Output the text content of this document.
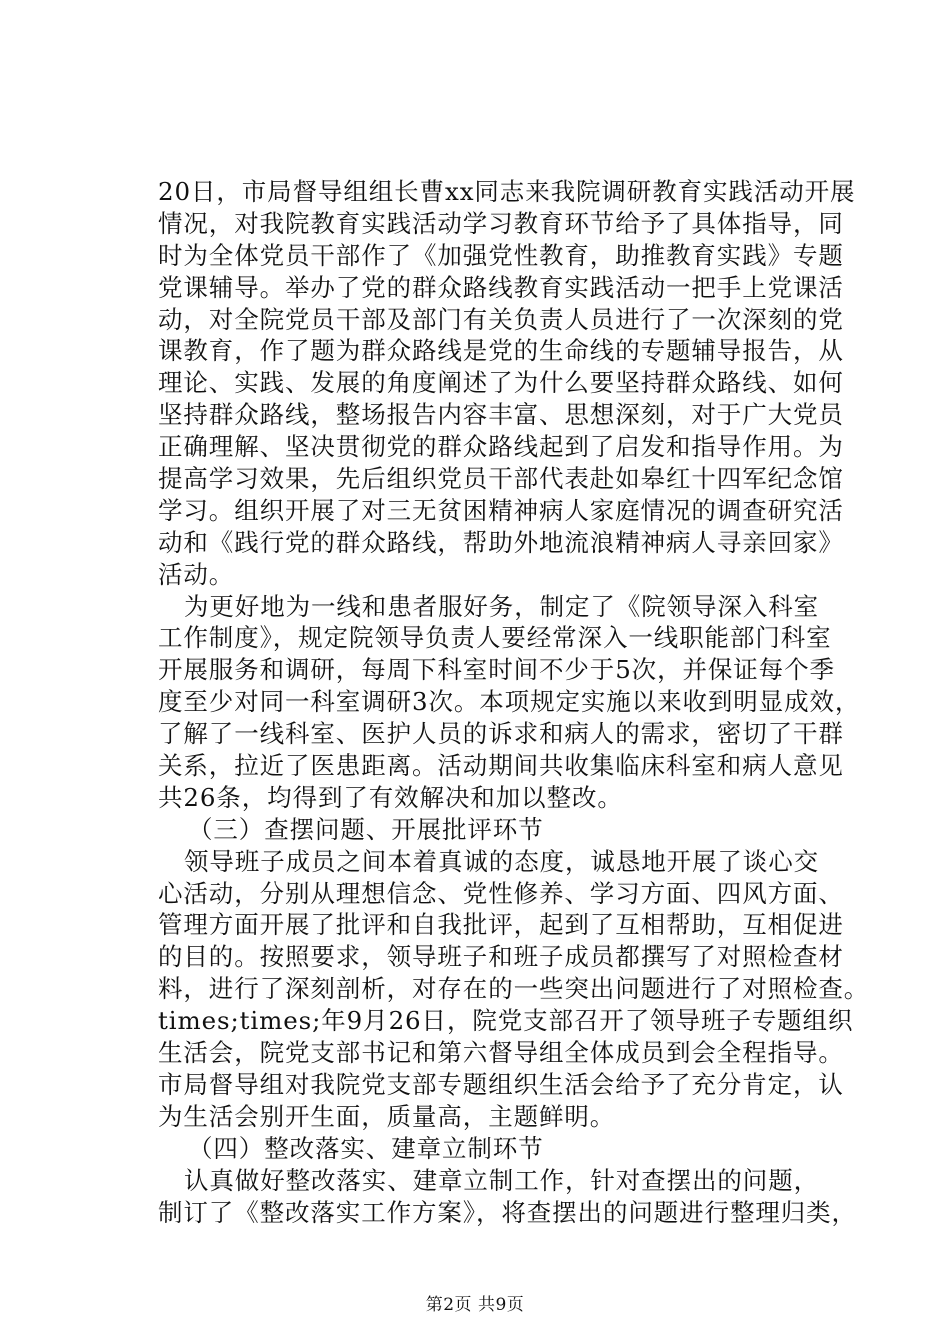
20日，市局督导组组长曹xx同志来我院调研教育实践活动开展
情况，对我院教育实践活动学习教育环节给予了具体指导，同
时为全体党员干部作了《加强党性教育，助推教育实践》专题
党课辅导。举办了党的群众路线教育实践活动一把手上党课活
动，对全院党员干部及部门有关负责人员进行了一次深刻的党
课教育，作了题为群众路线是党的生命线的专题辅导报告，从
理论、实践、发展的角度阐述了为什么要坚持群众路线、如何
坚持群众路线，整场报告内容丰富、思想深刻，对于广大党员
正确理解、坚决贯彻党的群众路线起到了启发和指导作用。为
提高学习效果，先后组织党员干部代表赴如皋红十四军纪念馆
学习。组织开展了对三无贫困精神病人家庭情况的调查研究活
动和《践行党的群众路线，帮助外地流浪精神病人寻亲回家》
活动。
为更好地为一线和患者服好务，制定了《院领导深入科室
工作制度》，规定院领导负责人要经常深入一线职能部门科室
开展服务和调研，每周下科室时间不少于5次，并保证每个季
度至少对同一科室调研3次。本项规定实施以来收到明显成效，
了解了一线科室、医护人员的诉求和病人的需求，密切了干群
关系，拉近了医患距离。活动期间共收集临床科室和病人意见
共26条，均得到了有效解决和加以整改。
（三）查摆问题、开展批评环节
领导班子成员之间本着真诚的态度，诚恳地开展了谈心交
心活动，分别从理想信念、党性修养、学习方面、四风方面、
管理方面开展了批评和自我批评，起到了互相帮助，互相促进
的目的。按照要求，领导班子和班子成员都撰写了对照检查材
料，进行了深刻剖析，对存在的一些突出问题进行了对照检查。
times;times;年9月26日，院党支部召开了领导班子专题组织
生活会，院党支部书记和第六督导组全体成员到会全程指导。
市局督导组对我院党支部专题组织生活会给予了充分肯定，认
为生活会别开生面，质量高，主题鲜明。
（四）整改落实、建章立制环节
认真做好整改落实、建章立制工作，针对查摆出的问题，
制订了《整改落实工作方案》，将查摆出的问题进行整理归类，
第2页 共9页
